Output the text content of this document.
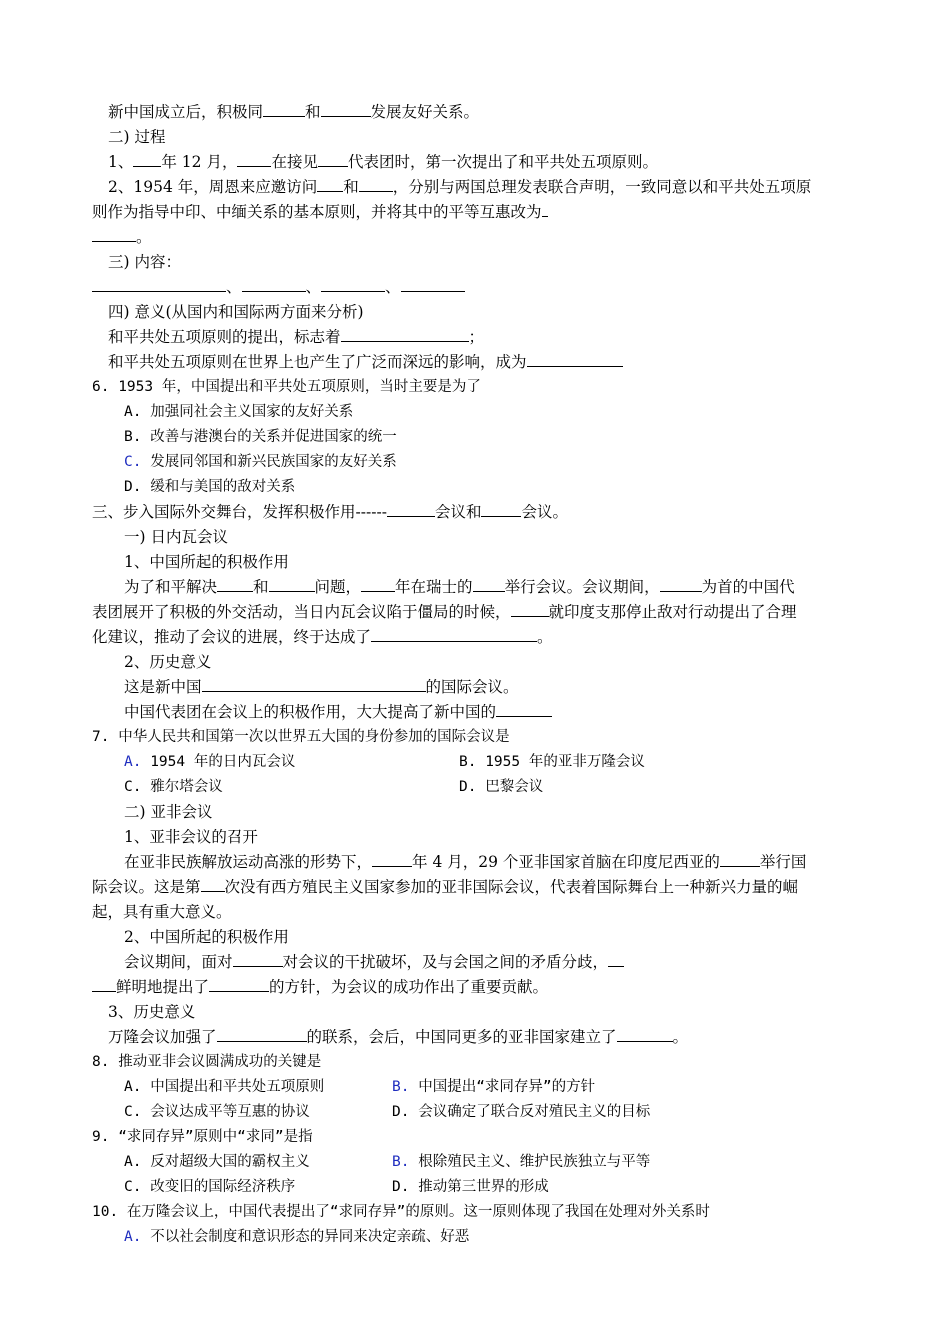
新中国成立后，积极同	和	发展友好关系。
二) 过程
1、 年 12 月， 在接见 代表团时，第一次提出了和平共处五项原则。
2、1954 年，周恩来应邀访问 和 ，分别与两国总理发表联合声明，一致同意以和平共处五项原
则作为指导中印、中缅关系的基本原则，并将其中的平等互惠改为
。
三) 内容：
、	、	、
四) 意义(从国内和国际两方面来分析)
和平共处五项原则的提出，标志着	；
和平共处五项原则在世界上也产生了广泛而深远的影响，成为
6. 1953 年，中国提出和平共处五项原则，当时主要是为了
A. 加强同社会主义国家的友好关系
B. 改善与港澳台的关系并促进国家的统一
C. 发展同邻国和新兴民族国家的友好关系
D. 缓和与美国的敌对关系
三、步入国际外交舞台，发挥积极作用------	会议和	会议。
一) 日内瓦会议
1、中国所起的积极作用
为了和平解决 和	问题， 年在瑞士的 举行会议。会议期间，	为首的中国代
表团展开了积极的外交活动，当日内瓦会议陷于僵局的时候， 就印度支那停止敌对行动提出了合理
化建议，推动了会议的进展，终于达成了	。
2、历史意义
这是新中国	的国际会议。
中国代表团在会议上的积极作用，大大提高了新中国的
7. 中华人民共和国第一次以世界五大国的身份参加的国际会议是
A. 1954 年的日内瓦会议	B. 1955 年的亚非万隆会议
C. 雅尔塔会议	D. 巴黎会议
二) 亚非会议
1、亚非会议的召开
在亚非民族解放运动高涨的形势下，	年 4 月，29 个亚非国家首脑在印度尼西亚的	举行国
际会议。这是第 次没有西方殖民主义国家参加的亚非国际会议，代表着国际舞台上一种新兴力量的崛
起，具有重大意义。
2、中国所起的积极作用
会议期间，面对	对会议的干扰破坏，及与会国之间的矛盾分歧，
鲜明地提出了	的方针，为会议的成功作出了重要贡献。
3、历史意义
万隆会议加强了	的联系，会后，中国同更多的亚非国家建立了	。
8. 推动亚非会议圆满成功的关键是
A. 中国提出和平共处五项原则	B. 中国提出“求同存异”的方针
C. 会议达成平等互惠的协议	D. 会议确定了联合反对殖民主义的目标
9. “求同存异”原则中“求同”是指
A. 反对超级大国的霸权主义	B. 根除殖民主义、维护民族独立与平等
C. 改变旧的国际经济秩序	D. 推动第三世界的形成
10. 在万隆会议上，中国代表提出了“求同存异”的原则。这一原则体现了我国在处理对外关系时
A. 不以社会制度和意识形态的异同来决定亲疏、好恶
